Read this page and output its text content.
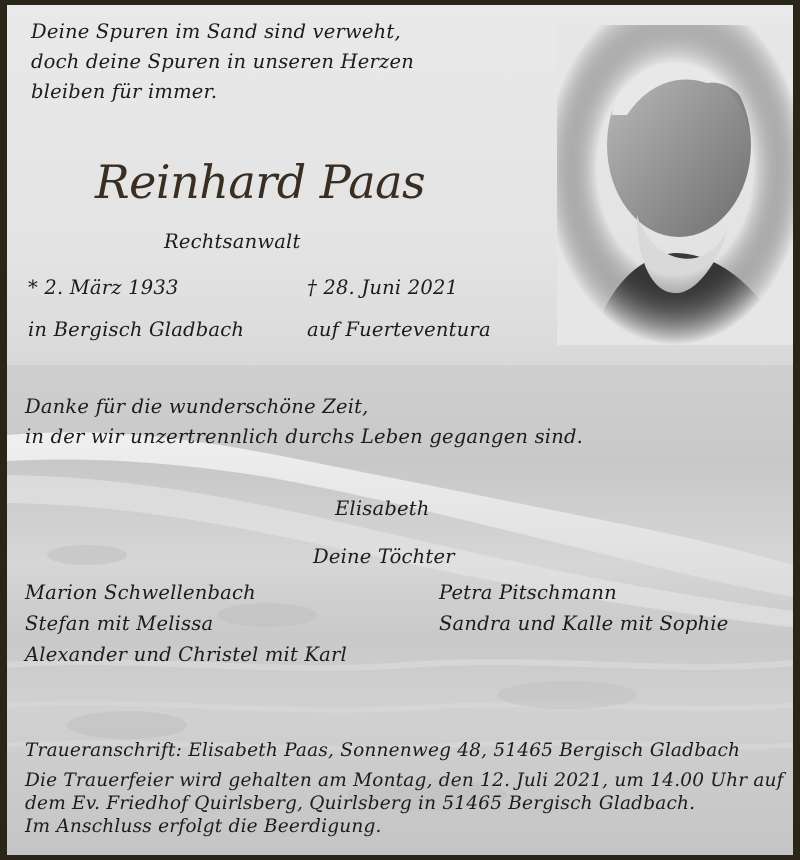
Deine Spuren im Sand sind verweht,
doch deine Spuren in unseren Herzen
bleiben für immer.
Reinhard Paas
Rechtsanwalt
* 2. März 1933	† 28. Juni 2021
in Bergisch Gladbach	auf Fuerteventura
Danke für die wunderschöne Zeit,
in der wir unzertrennlich durchs Leben gegangen sind.
Elisabeth
Deine Töchter
Marion Schwellenbach
Stefan mit Melissa
Alexander und Christel mit Karl
Petra Pitschmann
Sandra und Kalle mit Sophie
Traueranschrift: Elisabeth Paas, Sonnenweg 48, 51465 Bergisch Gladbach
Die Trauerfeier wird gehalten am Montag, den 12. Juli 2021, um 14.00 Uhr auf
dem Ev. Friedhof Quirlsberg, Quirlsberg in 51465 Bergisch Gladbach.
Im Anschluss erfolgt die Beerdigung.
